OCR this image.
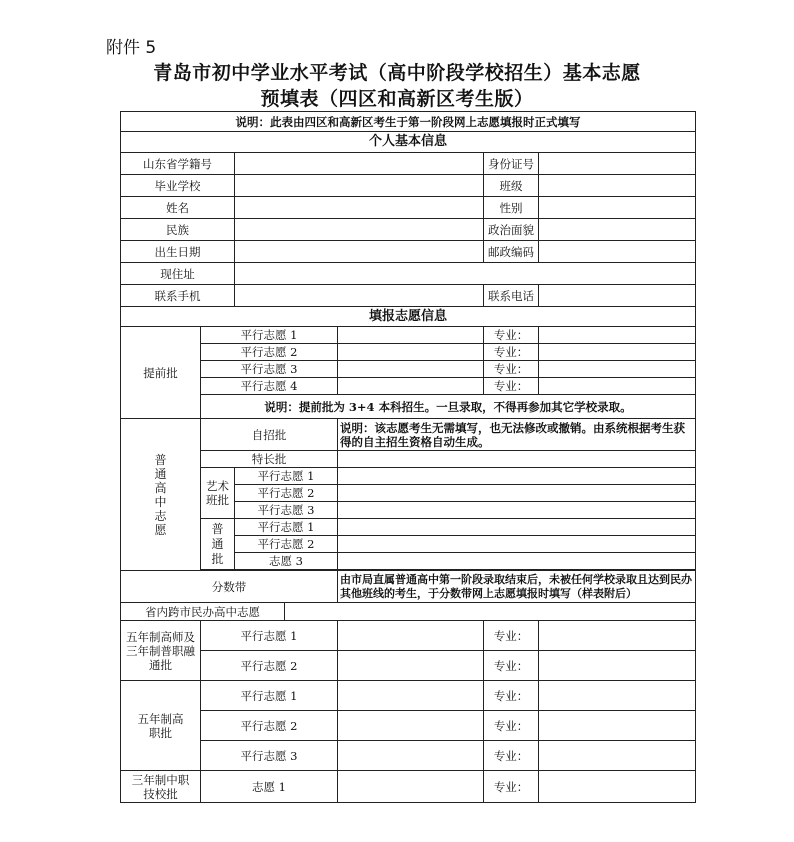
附件 5
青岛市初中学业水平考试（高中阶段学校招生）基本志愿
预填表（四区和高新区考生版）
说明：此表由四区和高新区考生于第一阶段网上志愿填报时正式填写						
个人基本信息						
山东省学籍号					身份证号	
毕业学校					班级	
姓名					性别	
民族					政治面貌	
出生日期					邮政编码	
现住址						
联系手机					联系电话	
填报志愿信息						
提前批	平行志愿 1				专业：	
	平行志愿 2				专业：	
	平行志愿 3				专业：	
	平行志愿 4				专业：	
	说明：提前批为 3+4 本科招生。一旦录取，不得再参加其它学校录取。					
普通高中志愿	自招批			说明：该志愿考生无需填写，也无法修改或撤销。由系统根据考生获得的自主招生资格自动生成。		
	特长批					
	艺术班批	平行志愿 1				
		平行志愿 2				
		平行志愿 3				
	普通批	平行志愿 1				
		平行志愿 2				
		志愿 3				

分数带				由市局直属普通高中第一阶段录取结束后，未被任何学校录取且达到民办其他班线的考生，于分数带网上志愿填报时填写（样表附后）		
省内跨市民办高中志愿						
五年制高师及三年制普职融通批	平行志愿 1				专业：	
	平行志愿 2				专业：	
五年制高职批	平行志愿 1				专业：	
	平行志愿 2				专业：	
	平行志愿 3				专业：	
三年制中职技校批	志愿 1				专业：	
